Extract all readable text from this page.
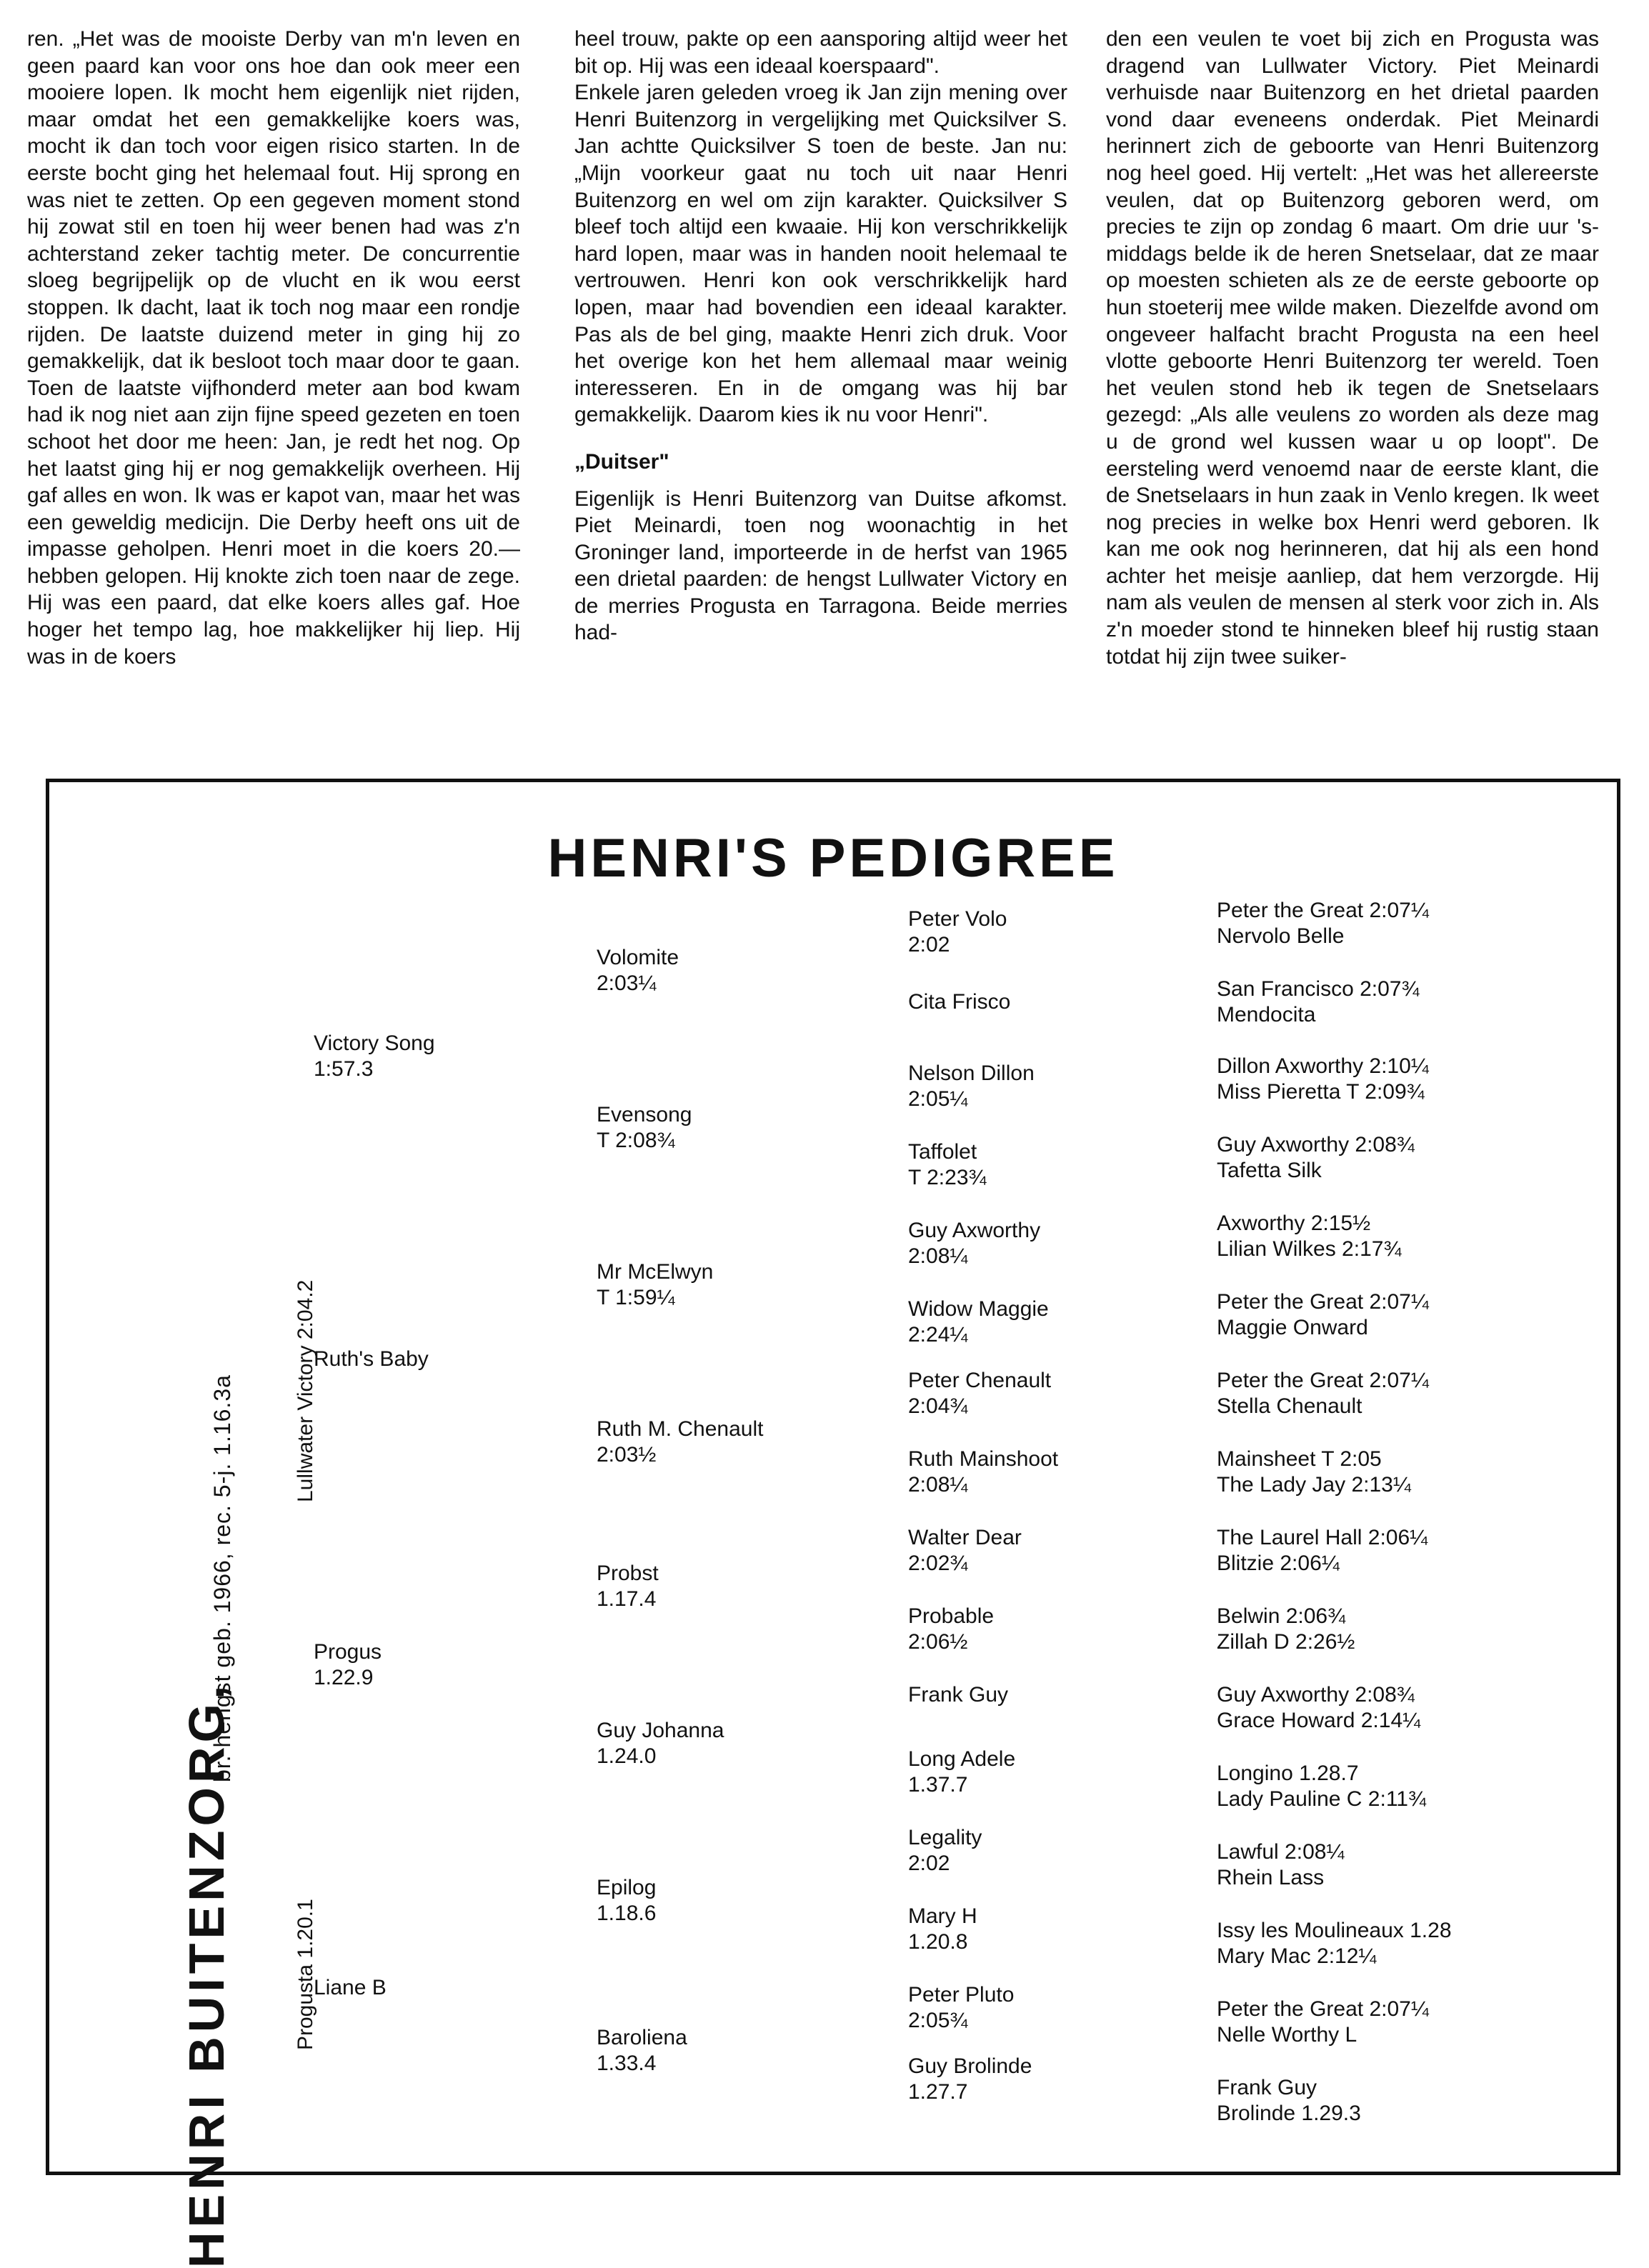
ren. „Het was de mooiste Derby van m'n leven en geen paard kan voor ons hoe dan ook meer een mooiere lopen. Ik mocht hem eigenlijk niet rijden, maar omdat het een gemakkelijke koers was, mocht ik dan toch voor eigen risico starten. In de eerste bocht ging het helemaal fout. Hij sprong en was niet te zetten. Op een gegeven moment stond hij zowat stil en toen hij weer benen had was z'n achterstand zeker tachtig meter. De concurrentie sloeg begrijpelijk op de vlucht en ik wou eerst stoppen. Ik dacht, laat ik toch nog maar een rondje rijden. De laatste duizend meter in ging hij zo gemakkelijk, dat ik besloot toch maar door te gaan. Toen de laatste vijfhonderd meter aan bod kwam had ik nog niet aan zijn fijne speed gezeten en toen schoot het door me heen: Jan, je redt het nog. Op het laatst ging hij er nog gemakkelijk overheen. Hij gaf alles en won. Ik was er kapot van, maar het was een geweldig medicijn. Die Derby heeft ons uit de impasse geholpen. Henri moet in die koers 20.— hebben gelopen. Hij knokte zich toen naar de zege. Hij was een paard, dat elke koers alles gaf. Hoe hoger het tempo lag, hoe makkelijker hij liep. Hij was in de koers

heel trouw, pakte op een aansporing altijd weer het bit op. Hij was een ideaal koerspaard".

Enkele jaren geleden vroeg ik Jan zijn mening over Henri Buitenzorg in vergelijking met Quicksilver S. Jan achtte Quicksilver S toen de beste. Jan nu: „Mijn voorkeur gaat nu toch uit naar Henri Buitenzorg en wel om zijn karakter. Quicksilver S bleef toch altijd een kwaaie. Hij kon verschrikkelijk hard lopen, maar was in handen nooit helemaal te vertrouwen. Henri kon ook verschrikkelijk hard lopen, maar had bovendien een ideaal karakter. Pas als de bel ging, maakte Henri zich druk. Voor het overige kon het hem allemaal maar weinig interesseren. En in de omgang was hij bar gemakkelijk. Daarom kies ik nu voor Henri".

„Duitser"

Eigenlijk is Henri Buitenzorg van Duitse afkomst. Piet Meinardi, toen nog woonachtig in het Groninger land, importeerde in de herfst van 1965 een drietal paarden: de hengst Lullwater Victory en de merries Progusta en Tarragona. Beide merries had-

den een veulen te voet bij zich en Progusta was dragend van Lullwater Victory. Piet Meinardi verhuisde naar Buitenzorg en het drietal paarden vond daar eveneens onderdak. Piet Meinardi herinnert zich de geboorte van Henri Buitenzorg nog heel goed. Hij vertelt: „Het was het allereerste veulen, dat op Buitenzorg geboren werd, om precies te zijn op zondag 6 maart. Om drie uur 's-middags belde ik de heren Snetselaar, dat ze maar op moesten schieten als ze de eerste geboorte op hun stoeterij mee wilde maken. Diezelfde avond om ongeveer halfacht bracht Progusta na een heel vlotte geboorte Henri Buitenzorg ter wereld. Toen het veulen stond heb ik tegen de Snetselaars gezegd: „Als alle veulens zo worden als deze mag u de grond wel kussen waar u op loopt". De eersteling werd venoemd naar de eerste klant, die de Snetselaars in hun zaak in Venlo kregen. Ik weet nog precies in welke box Henri werd geboren. Ik kan me ook nog herinneren, dat hij als een hond achter het meisje aanliep, dat hem verzorgde. Hij nam als veulen de mensen al sterk voor zich in. Als z'n moeder stond te hinneken bleef hij rustig staan totdat hij zijn twee suiker-

HENRI'S PEDIGREE
HENRI BUITENZORG,
br. hengst geb. 1966, rec. 5-j. 1.16.3a	Lullwater Victory 2:04.2
Progusta 1.20.1
Victory Song
1:57.3
Ruth's Baby
Progus
1.22.9
Liane B
Volomite
2:03¼
Evensong
T 2:08¾
Mr McElwyn
T 1:59¼
Ruth M. Chenault
2:03½
Probst
1.17.4
Guy Johanna
1.24.0
Epilog
1.18.6
Baroliena
1.33.4
Peter Volo
2:02
Cita Frisco
Nelson Dillon
2:05¼
Taffolet
T 2:23¾
Guy Axworthy
2:08¼
Widow Maggie
2:24¼
Peter Chenault
2:04¾
Ruth Mainshoot
2:08¼
Walter Dear
2:02¾
Probable
2:06½
Frank Guy
Long Adele
1.37.7
Legality
2:02
Mary H
1.20.8
Peter Pluto
2:05¾
Guy Brolinde
1.27.7
Peter the Great 2:07¼
Nervolo Belle
San Francisco 2:07¾
Mendocita
Dillon Axworthy 2:10¼
Miss Pieretta T 2:09¾
Guy Axworthy 2:08¾
Tafetta Silk
Axworthy 2:15½
Lilian Wilkes 2:17¾
Peter the Great 2:07¼
Maggie Onward
Peter the Great 2:07¼
Stella Chenault
Mainsheet T 2:05
The Lady Jay 2:13¼
The Laurel Hall 2:06¼
Blitzie 2:06¼
Belwin 2:06¾
Zillah D 2:26½
Guy Axworthy 2:08¾
Grace Howard 2:14¼
Longino 1.28.7
Lady Pauline C 2:11¾
Lawful 2:08¼
Rhein Lass
Issy les Moulineaux 1.28
Mary Mac 2:12¼
Peter the Great 2:07¼
Nelle Worthy L
Frank Guy
Brolinde 1.29.3
